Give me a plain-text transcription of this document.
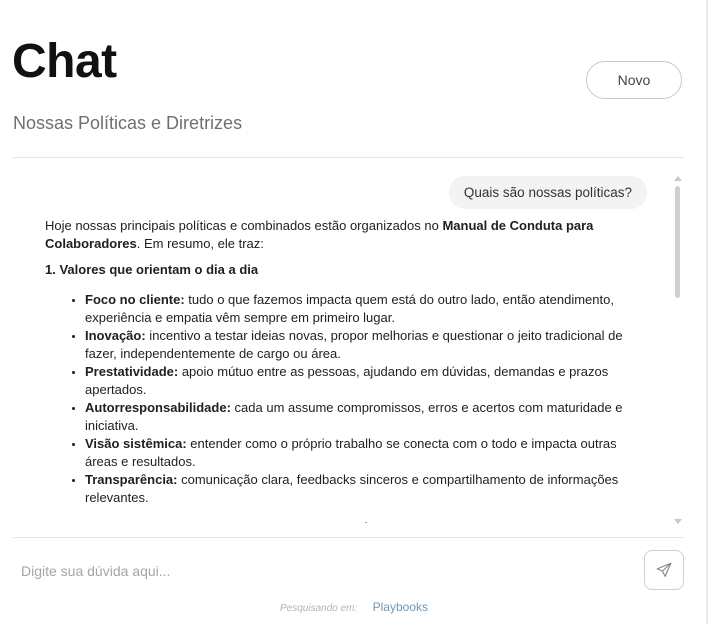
Chat
Nossas Políticas e Diretrizes
Novo
Quais são nossas políticas?

Hoje nossas principais políticas e combinados estão organizados no Manual de Conduta para Colaboradores. Em resumo, ele traz:

1. Valores que orientam o dia a dia
• Foco no cliente: tudo o que fazemos impacta quem está do outro lado, então atendimento, experiência e empatia vêm sempre em primeiro lugar.
• Inovação: incentivo a testar ideias novas, propor melhorias e questionar o jeito tradicional de fazer, independentemente de cargo ou área.
• Prestatividade: apoio mútuo entre as pessoas, ajudando em dúvidas, demandas e prazos apertados.
• Autorresponsabilidade: cada um assume compromissos, erros e acertos com maturidade e iniciativa.
• Visão sistêmica: entender como o próprio trabalho se conecta com o todo e impacta outras áreas e resultados.
• Transparência: comunicação clara, feedbacks sinceros e compartilhamento de informações relevantes.
Digite sua dúvida aqui...
Pesquisando em: Playbooks
